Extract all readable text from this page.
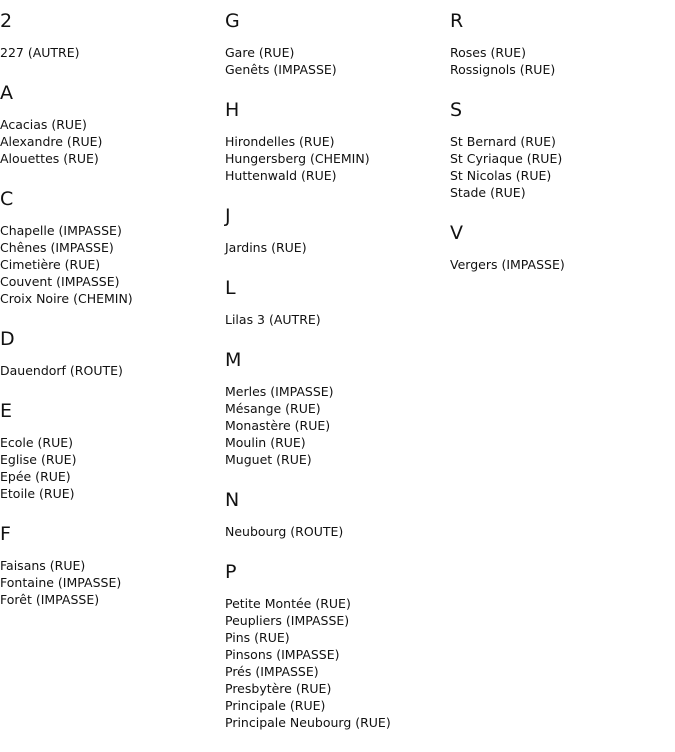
2
227 (AUTRE)
A
Acacias (RUE)
Alexandre (RUE)
Alouettes (RUE)
C
Chapelle (IMPASSE)
Chênes (IMPASSE)
Cimetière (RUE)
Couvent (IMPASSE)
Croix Noire (CHEMIN)
D
Dauendorf (ROUTE)
E
Ecole (RUE)
Eglise (RUE)
Epée (RUE)
Etoile (RUE)
F
Faisans (RUE)
Fontaine (IMPASSE)
Forêt (IMPASSE)
G
Gare (RUE)
Genêts (IMPASSE)
H
Hirondelles (RUE)
Hungersberg (CHEMIN)
Huttenwald (RUE)
J
Jardins (RUE)
L
Lilas 3 (AUTRE)
M
Merles (IMPASSE)
Mésange (RUE)
Monastère (RUE)
Moulin (RUE)
Muguet (RUE)
N
Neubourg (ROUTE)
P
Petite Montée (RUE)
Peupliers (IMPASSE)
Pins (RUE)
Pinsons (IMPASSE)
Prés (IMPASSE)
Presbytère (RUE)
Principale (RUE)
Principale Neubourg (RUE)
R
Roses (RUE)
Rossignols (RUE)
S
St Bernard (RUE)
St Cyriaque (RUE)
St Nicolas (RUE)
Stade (RUE)
V
Vergers (IMPASSE)
